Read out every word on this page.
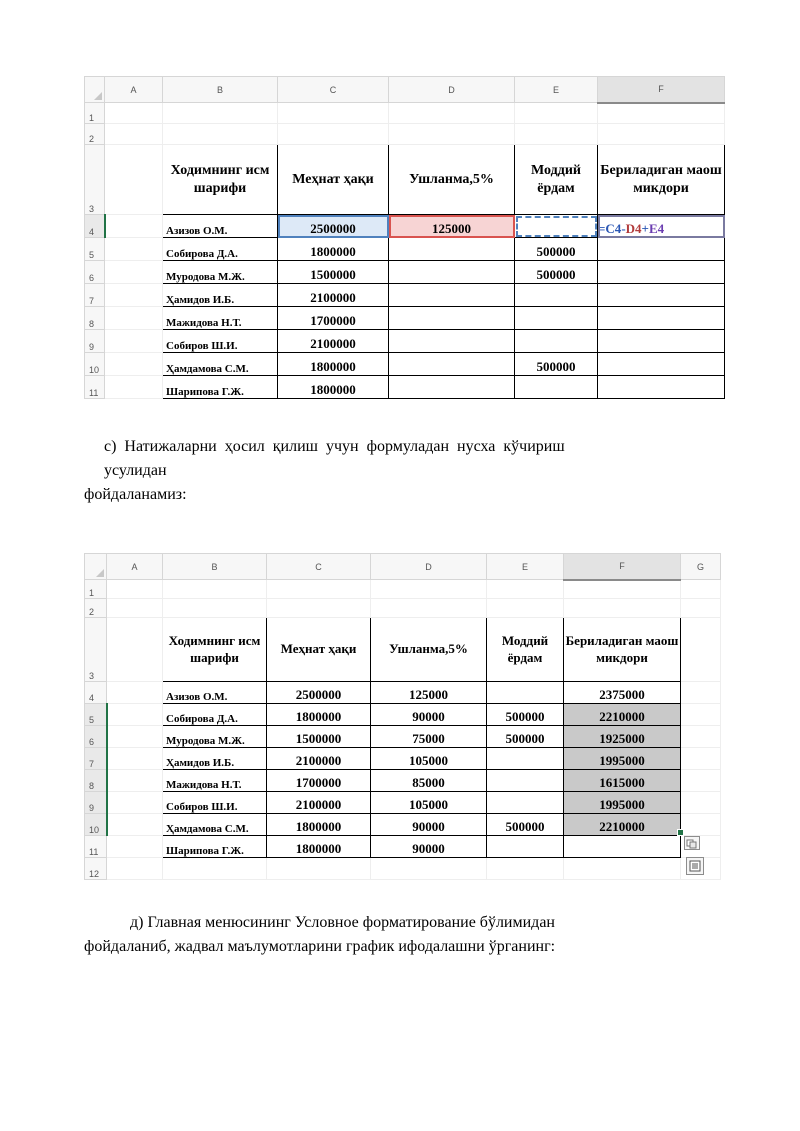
	A	B	C	D	E	F
1						
2						
3		Ходимнинг исм шарифи	Меҳнат ҳақи	Ушланма,5%	Моддий ёрдам	Бериладиган маош микдори
4		Азизов О.М.	2500000	125000		=C4-D4+E4
5		Собирова Д.А.	1800000		500000	
6		Муродова М.Ж.	1500000		500000	
7		Ҳамидов И.Б.	2100000			
8		Мажидова Н.Т.	1700000			
9		Собиров Ш.И.	2100000			
10		Ҳамдамова С.М.	1800000		500000	
11		Шарипова Г.Ж.	1800000			

c)  Натижаларни  ҳосил  қилиш  учун  формуладан  нусха  кўчириш

усулидан

фойдаланамиз:

	A	B	C	D	E	F	G
1							
2							
3		Ходимнинг исм шарифи	Меҳнат ҳақи	Ушланма,5%	Моддий ёрдам	Бериладиган маош микдори	
4		Азизов О.М.	2500000	125000		2375000	
5		Собирова Д.А.	1800000	90000	500000	2210000	
6		Муродова М.Ж.	1500000	75000	500000	1925000	
7		Ҳамидов И.Б.	2100000	105000		1995000	
8		Мажидова Н.Т.	1700000	85000		1615000	
9		Собиров Ш.И.	2100000	105000		1995000	
10		Ҳамдамова С.М.	1800000	90000	500000	2210000	
11		Шарипова Г.Ж.	1800000	90000			
12							

д) Главная менюсининг Условное форматирование бўлимидан

фойдаланиб, жадвал маълумотларини график ифодалашни ўрганинг:
